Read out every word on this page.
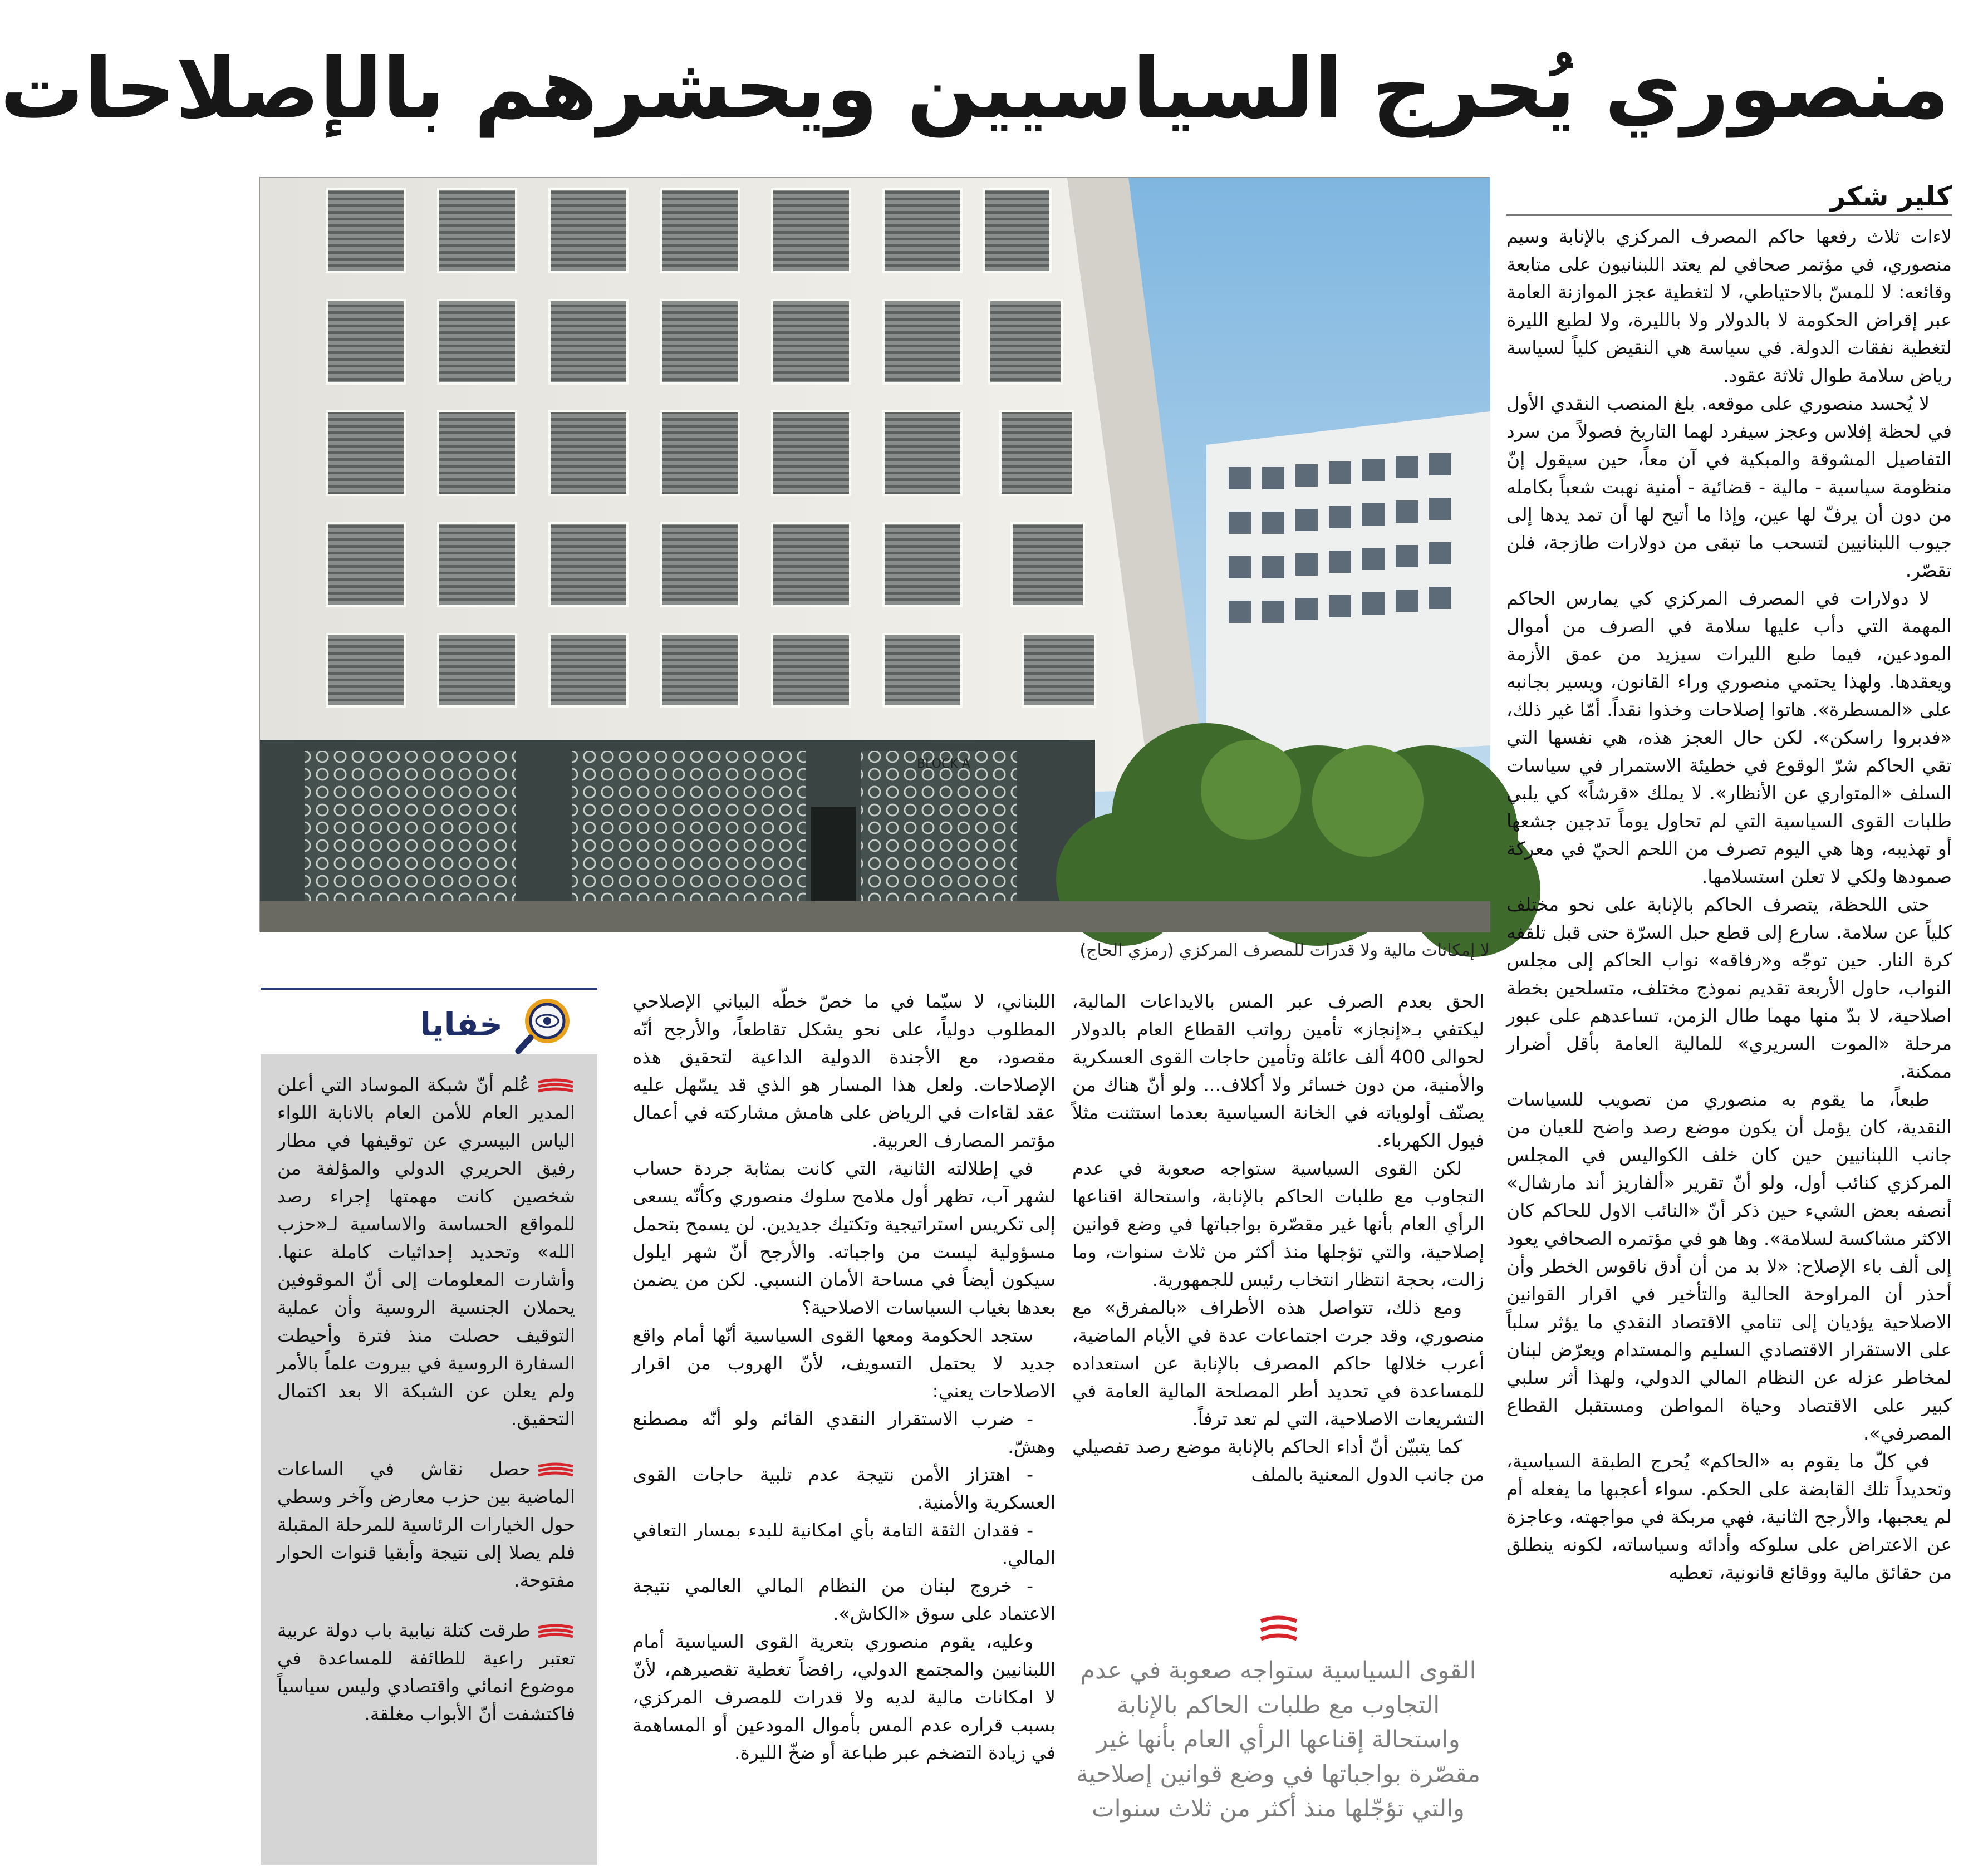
منصوري يُحرج السياسيين ويحشرهم بالإصلاحات
BLOCK A
لا إمكانات مالية ولا قدرات للمصرف المركزي (رمزي الحاج)
كلير شكر

لاءات ثلاث رفعها حاكم المصرف المركزي بالإنابة وسيم منصوري، في مؤتمر صحافي لم يعتد اللبنانيون على متابعة وقائعه: لا للمسّ بالاحتياطي، لا لتغطية عجز الموازنة العامة عبر إقراض الحكومة لا بالدولار ولا بالليرة، ولا لطبع الليرة لتغطية نفقات الدولة. في سياسة هي النقيض كلياً لسياسة رياض سلامة طوال ثلاثة عقود.

لا يُحسد منصوري على موقعه. بلغ المنصب النقدي الأول في لحظة إفلاس وعجز سيفرد لهما التاريخ فصولاً من سرد التفاصيل المشوقة والمبكية في آن معاً، حين سيقول إنّ منظومة سياسية - مالية - قضائية - أمنية نهبت شعباً بكامله من دون أن يرفّ لها عين، وإذا ما أتيح لها أن تمد يدها إلى جيوب اللبنانيين لتسحب ما تبقى من دولارات طازجة، فلن تقصّر.

لا دولارات في المصرف المركزي كي يمارس الحاكم المهمة التي دأب عليها سلامة في الصرف من أموال المودعين، فيما طبع الليرات سيزيد من عمق الأزمة ويعقدها. ولهذا يحتمي منصوري وراء القانون، ويسير بجانبه على «المسطرة». هاتوا إصلاحات وخذوا نقداً. أمّا غير ذلك، «فدبروا راسكن». لكن حال العجز هذه، هي نفسها التي تقي الحاكم شرّ الوقوع في خطيئة الاستمرار في سياسات السلف «المتواري عن الأنظار». لا يملك «قرشاً» كي يلبي طلبات القوى السياسية التي لم تحاول يوماً تدجين جشعها أو تهذيبه، وها هي اليوم تصرف من اللحم الحيّ في معركة صمودها ولكي لا تعلن استسلامها.

حتى اللحظة، يتصرف الحاكم بالإنابة على نحو مختلف كلياً عن سلامة. سارع إلى قطع حبل السرّة حتى قبل تلقفه كرة النار. حين توجّه و«رفاقه» نواب الحاكم إلى مجلس النواب، حاول الأربعة تقديم نموذج مختلف، متسلحين بخطة اصلاحية، لا بدّ منها مهما طال الزمن، تساعدهم على عبور مرحلة «الموت السريري» للمالية العامة بأقل أضرار ممكنة.

طبعاً، ما يقوم به منصوري من تصويب للسياسات النقدية، كان يؤمل أن يكون موضع رصد واضح للعيان من جانب اللبنانيين حين كان خلف الكواليس في المجلس المركزي كنائب أول، ولو أنّ تقرير «ألفاريز أند مارشال» أنصفه بعض الشيء حين ذكر أنّ «النائب الاول للحاكم كان الاكثر مشاكسة لسلامة». وها هو في مؤتمره الصحافي يعود إلى ألف باء الإصلاح: «لا بد من أن أدق ناقوس الخطر وأن أحذر أن المراوحة الحالية والتأخير في اقرار القوانين الاصلاحية يؤديان إلى تنامي الاقتصاد النقدي ما يؤثر سلباً على الاستقرار الاقتصادي السليم والمستدام ويعرّض لبنان لمخاطر عزله عن النظام المالي الدولي، ولهذا أثر سلبي كبير على الاقتصاد وحياة المواطن ومستقبل القطاع المصرفي».

في كلّ ما يقوم به «الحاكم» يُحرج الطبقة السياسية، وتحديداً تلك القابضة على الحكم. سواء أعجبها ما يفعله أم لم يعجبها، والأرجح الثانية، فهي مربكة في مواجهته، وعاجزة عن الاعتراض على سلوكه وأدائه وسياساته، لكونه ينطلق من حقائق مالية ووقائع قانونية، تعطيه

الحق بعدم الصرف عبر المس بالايداعات المالية، ليكتفي بـ«إنجاز» تأمين رواتب القطاع العام بالدولار لحوالى 400 ألف عائلة وتأمين حاجات القوى العسكرية والأمنية، من دون خسائر ولا أكلاف... ولو أنّ هناك من يصنّف أولوياته في الخانة السياسية بعدما استثنت مثلاً فيول الكهرباء.

لكن القوى السياسية ستواجه صعوبة في عدم التجاوب مع طلبات الحاكم بالإنابة، واستحالة اقناعها الرأي العام بأنها غير مقصّرة بواجباتها في وضع قوانين إصلاحية، والتي تؤجلها منذ أكثر من ثلاث سنوات، وما زالت، بحجة انتظار انتخاب رئيس للجمهورية.

ومع ذلك، تتواصل هذه الأطراف «بالمفرق» مع منصوري، وقد جرت اجتماعات عدة في الأيام الماضية، أعرب خلالها حاكم المصرف بالإنابة عن استعداده للمساعدة في تحديد أطر المصلحة المالية العامة في التشريعات الاصلاحية، التي لم تعد ترفاً.

كما يتبيّن أنّ أداء الحاكم بالإنابة موضع رصد تفصيلي من جانب الدول المعنية بالملف

القوى السياسية ستواجه صعوبة في عدم التجاوب مع طلبات الحاكم بالإنابة واستحالة إقناعها الرأي العام بأنها غير مقصّرة بواجباتها في وضع قوانين إصلاحية والتي تؤجّلها منذ أكثر من ثلاث سنوات

اللبناني، لا سيّما في ما خصّ خطّه البياني الإصلاحي المطلوب دولياً، على نحو يشكل تقاطعاً، والأرجح أنّه مقصود، مع الأجندة الدولية الداعية لتحقيق هذه الإصلاحات. ولعل هذا المسار هو الذي قد يسّهل عليه عقد لقاءات في الرياض على هامش مشاركته في أعمال مؤتمر المصارف العربية.

في إطلالته الثانية، التي كانت بمثابة جردة حساب لشهر آب، تظهر أول ملامح سلوك منصوري وكأنّه يسعى إلى تكريس استراتيجية وتكتيك جديدين. لن يسمح بتحمل مسؤولية ليست من واجباته. والأرجح أنّ شهر ايلول سيكون أيضاً في مساحة الأمان النسبي. لكن من يضمن بعدها بغياب السياسات الاصلاحية؟

ستجد الحكومة ومعها القوى السياسية أنّها أمام واقع جديد لا يحتمل التسويف، لأنّ الهروب من اقرار الاصلاحات يعني:

- ضرب الاستقرار النقدي القائم ولو أنّه مصطنع وهشّ.

- اهتزاز الأمن نتيجة عدم تلبية حاجات القوى العسكرية والأمنية.

- فقدان الثقة التامة بأي امكانية للبدء بمسار التعافي المالي.

- خروج لبنان من النظام المالي العالمي نتيجة الاعتماد على سوق «الكاش».

وعليه، يقوم منصوري بتعرية القوى السياسية أمام اللبنانيين والمجتمع الدولي، رافضاً تغطية تقصيرهم، لأنّ لا امكانات مالية لديه ولا قدرات للمصرف المركزي، بسبب قراره عدم المس بأموال المودعين أو المساهمة في زيادة التضخم عبر طباعة أو ضخّ الليرة.

خفايا
عُلم أنّ شبكة الموساد التي أعلن المدير العام للأمن العام بالانابة اللواء الياس البيسري عن توقيفها في مطار رفيق الحريري الدولي والمؤلفة من شخصين كانت مهمتها إجراء رصد للمواقع الحساسة والاساسية لـ«حزب الله» وتحديد إحداثيات كاملة عنها. وأشارت المعلومات إلى أنّ الموقوفين يحملان الجنسية الروسية وأن عملية التوقيف حصلت منذ فترة وأحيطت السفارة الروسية في بيروت علماً بالأمر ولم يعلن عن الشبكة الا بعد اكتمال التحقيق.
حصل نقاش في الساعات الماضية بين حزب معارض وآخر وسطي حول الخيارات الرئاسية للمرحلة المقبلة فلم يصلا إلى نتيجة وأبقيا قنوات الحوار مفتوحة.
طرقت كتلة نيابية باب دولة عربية تعتبر راعية للطائفة للمساعدة في موضوع انمائي واقتصادي وليس سياسياً فاكتشفت أنّ الأبواب مغلقة.
